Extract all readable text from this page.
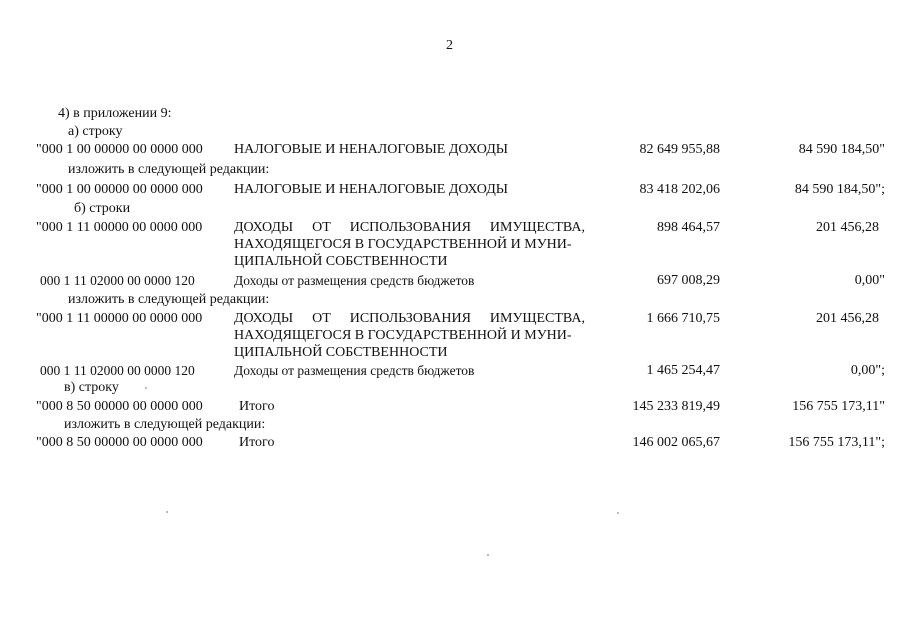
2
4) в приложении 9:
а) строку
"000 1 00 00000 00 0000 000 НАЛОГОВЫЕ И НЕНАЛОГОВЫЕ ДОХОДЫ	82 649 955,88	84 590 184,50"
изложить в следующей редакции:
"000 1 00 00000 00 0000 000 НАЛОГОВЫЕ И НЕНАЛОГОВЫЕ ДОХОДЫ	83 418 202,06	84 590 184,50";
б) строки
"000 1 11 00000 00 0000 000 ДОХОДЫ ОТ ИСПОЛЬЗОВАНИЯ ИМУЩЕСТВА,
НАХОДЯЩЕГОСЯ В ГОСУДАРСТВЕННОЙ И МУНИ-
ЦИПАЛЬНОЙ СОБСТВЕННОСТИ
898 464,57	201 456,28
000 1 11 02000 00 0000 120	Доходы от размещения средств бюджетов	697 008,29	0,00"
изложить в следующей редакции:
"000 1 11 00000 00 0000 000 ДОХОДЫ ОТ ИСПОЛЬЗОВАНИЯ ИМУЩЕСТВА,
НАХОДЯЩЕГОСЯ В ГОСУДАРСТВЕННОЙ И МУНИ-
ЦИПАЛЬНОЙ СОБСТВЕННОСТИ
1 666 710,75	201 456,28
000 1 11 02000 00 0000 120	Доходы от размещения средств бюджетов	1 465 254,47	0,00";
в) строку
"000 8 50 00000 00 0000 000	Итого	145 233 819,49	156 755 173,11"
изложить в следующей редакции:
"000 8 50 00000 00 0000 000	Итого	146 002 065,67	156 755 173,11";
